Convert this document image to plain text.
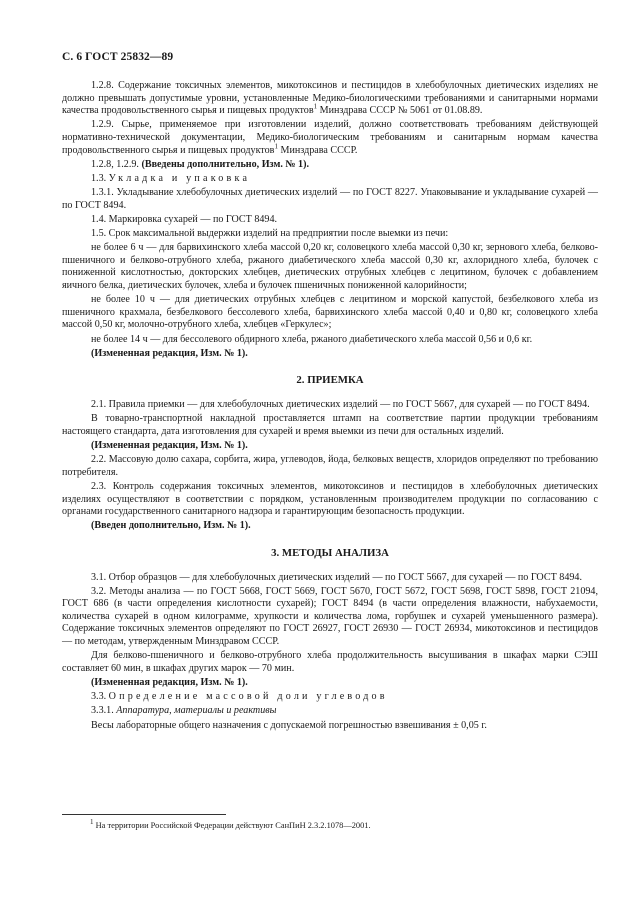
С. 6 ГОСТ 25832—89

1.2.8. Содержание токсичных элементов, микотоксинов и пестицидов в хлебобулочных диетических изделиях не должно превышать допустимые уровни, установленные Медико-биологическими требованиями и санитарными нормами качества продовольственного сырья и пищевых продуктов$^1$ Минздрава СССР № 5061 от 01.08.89.

1.2.9. Сырье, применяемое при изготовлении изделий, должно соответствовать требованиям действующей нормативно-технической документации, Медико-биологическим требованиям и санитарным нормам качества продовольственного сырья и пищевых продуктов$^1$ Минздрава СССР.

1.2.8, 1.2.9. (Введены дополнительно, Изм. № 1).

1.3. Укладка и упаковка

1.3.1. Укладывание хлебобулочных диетических изделий — по ГОСТ 8227. Упаковывание и укладывание сухарей — по ГОСТ 8494.

1.4. Маркировка сухарей — по ГОСТ 8494.

1.5. Срок максимальной выдержки изделий на предприятии после выемки из печи:

не более 6 ч — для барвихинского хлеба массой 0,20 кг, соловецкого хлеба массой 0,30 кг, зернового хлеба, белково-пшеничного и белково-отрубного хлеба, ржаного диабетического хлеба массой 0,30 кг, ахлоридного хлеба, булочек с пониженной кислотностью, докторских хлебцев, диетических отрубных хлебцев с лецитином, булочек с добавлением яичного белка, диетических булочек, хлеба и булочек пшеничных пониженной калорийности;

не более 10 ч — для диетических отрубных хлебцев с лецитином и морской капустой, безбелкового хлеба из пшеничного крахмала, безбелкового бессолевого хлеба, барвихинского хлеба массой 0,40 и 0,80 кг, соловецкого хлеба массой 0,50 кг, молочно-отрубного хлеба, хлебцев «Геркулес»;

не более 14 ч — для бессолевого обдирного хлеба, ржаного диабетического хлеба массой 0,56 и 0,6 кг.

(Измененная редакция, Изм. № 1).

2. ПРИЕМКА

2.1. Правила приемки — для хлебобулочных диетических изделий — по ГОСТ 5667, для сухарей — по ГОСТ 8494.

В товарно-транспортной накладной проставляется штамп на соответствие партии продукции требованиям настоящего стандарта, дата изготовления для сухарей и время выемки из печи для остальных изделий.

(Измененная редакция, Изм. № 1).

2.2. Массовую долю сахара, сорбита, жира, углеводов, йода, белковых веществ, хлоридов определяют по требованию потребителя.

2.3. Контроль содержания токсичных элементов, микотоксинов и пестицидов в хлебобулочных диетических изделиях осуществляют в соответствии с порядком, установленным производителем продукции по согласованию с органами государственного санитарного надзора и гарантирующим безопасность продукции.

(Введен дополнительно, Изм. № 1).

3. МЕТОДЫ АНАЛИЗА

3.1. Отбор образцов — для хлебобулочных диетических изделий — по ГОСТ 5667, для сухарей — по ГОСТ 8494.

3.2. Методы анализа — по ГОСТ 5668, ГОСТ 5669, ГОСТ 5670, ГОСТ 5672, ГОСТ 5698, ГОСТ 5898, ГОСТ 21094, ГОСТ 686 (в части определения кислотности сухарей); ГОСТ 8494 (в части определения влажности, набухаемости, количества сухарей в одном килограмме, хрупкости и количества лома, горбушек и сухарей уменьшенного размера). Содержание токсичных элементов определяют по ГОСТ 26927, ГОСТ 26930 — ГОСТ 26934, микотоксинов и пестицидов — по методам, утвержденным Минздравом СССР.

Для белково-пшеничного и белково-отрубного хлеба продолжительность высушивания в шкафах марки СЭШ составляет 60 мин, в шкафах других марок — 70 мин.

(Измененная редакция, Изм. № 1).

3.3. Определение массовой доли углеводов

3.3.1. Аппаратура, материалы и реактивы

Весы лабораторные общего назначения с допускаемой погрешностью взвешивания ± 0,05 г.

$^1$ На территории Российской Федерации действуют СанПиН 2.3.2.1078—2001.
